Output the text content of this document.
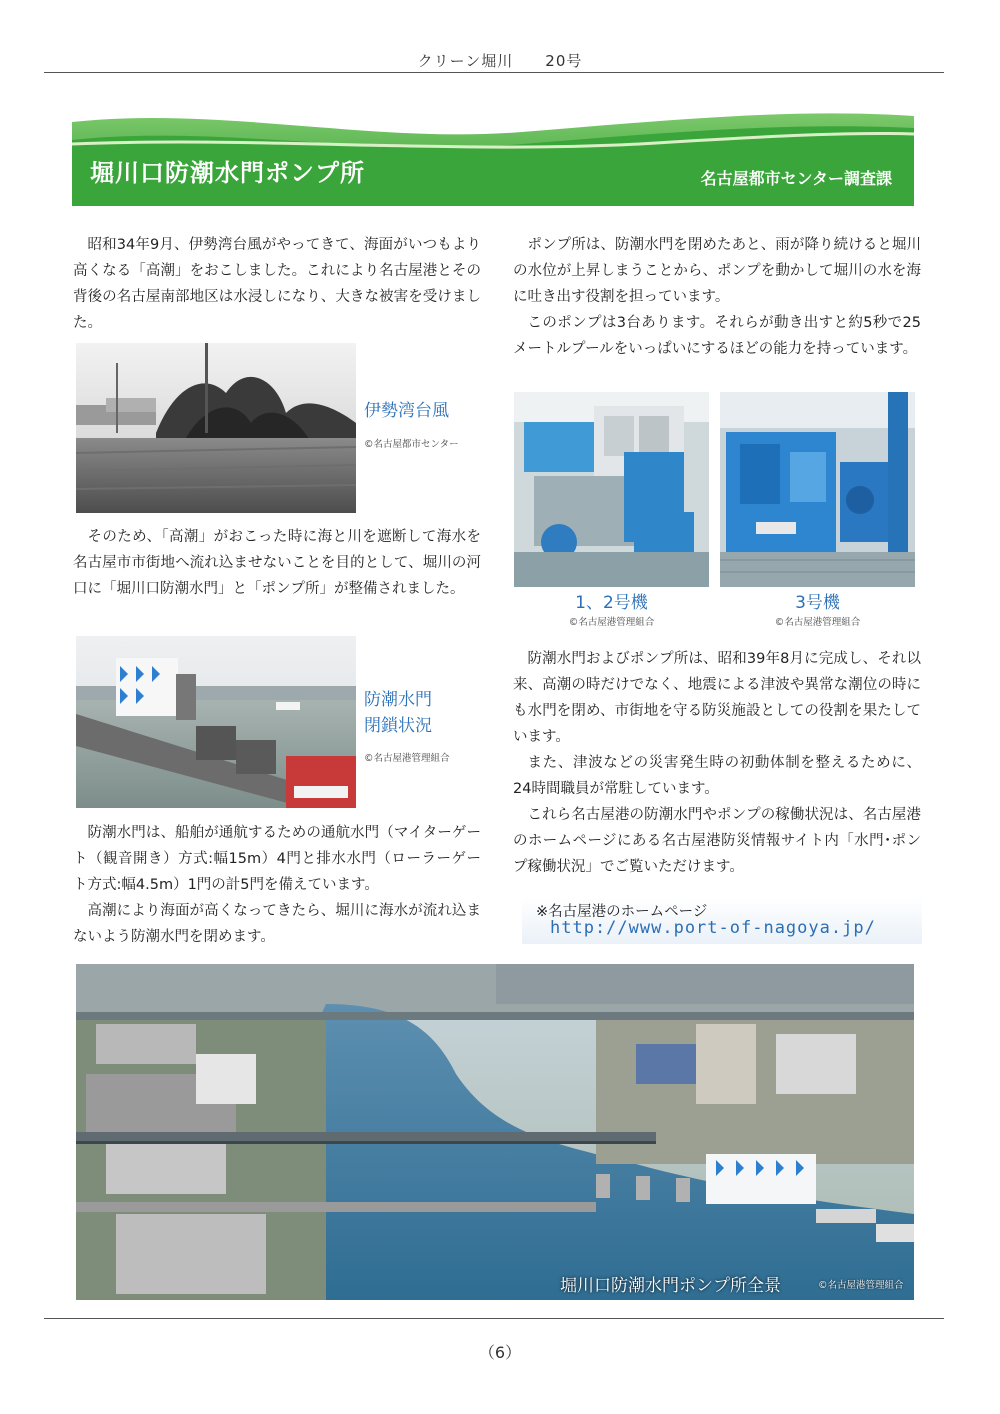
クリーン堀川　　20号
堀川口防潮水門ポンプ所	名古屋都市センター調査課

昭和34年9月、伊勢湾台風がやってきて、海面がいつもより高くなる「高潮」をおこしました。これにより名古屋港とその背後の名古屋南部地区は水浸しになり、大きな被害を受けました。

伊勢湾台風
©名古屋都市センター

そのため、「高潮」がおこった時に海と川を遮断して海水を名古屋市市街地へ流れ込ませないことを目的として、堀川の河口に「堀川口防潮水門」と「ポンプ所」が整備されました。

防潮水門
閉鎖状況
©名古屋港管理組合

防潮水門は、船舶が通航するための通航水門（マイターゲート（観音開き）方式:幅15m）4門と排水水門（ローラーゲート方式:幅4.5m）1門の計5門を備えています。

高潮により海面が高くなってきたら、堀川に海水が流れ込まないよう防潮水門を閉めます。

ポンプ所は、防潮水門を閉めたあと、雨が降り続けると堀川の水位が上昇しまうことから、ポンプを動かして堀川の水を海に吐き出す役割を担っています。

このポンプは3台あります。それらが動き出すと約5秒で25メートルプールをいっぱいにするほどの能力を持っています。

1、2号機
©名古屋港管理組合
3号機
©名古屋港管理組合

防潮水門およびポンプ所は、昭和39年8月に完成し、それ以来、高潮の時だけでなく、地震による津波や異常な潮位の時にも水門を閉め、市街地を守る防災施設としての役割を果たしています。

また、津波などの災害発生時の初動体制を整えるために、24時間職員が常駐しています。

これら名古屋港の防潮水門やポンプの稼働状況は、名古屋港のホームページにある名古屋港防災情報サイト内「水門･ポンプ稼働状況」でご覧いただけます。

※名古屋港のホームページ
http://www.port-of-nagoya.jp/
堀川口防潮水門ポンプ所全景	©名古屋港管理組合
（6）
